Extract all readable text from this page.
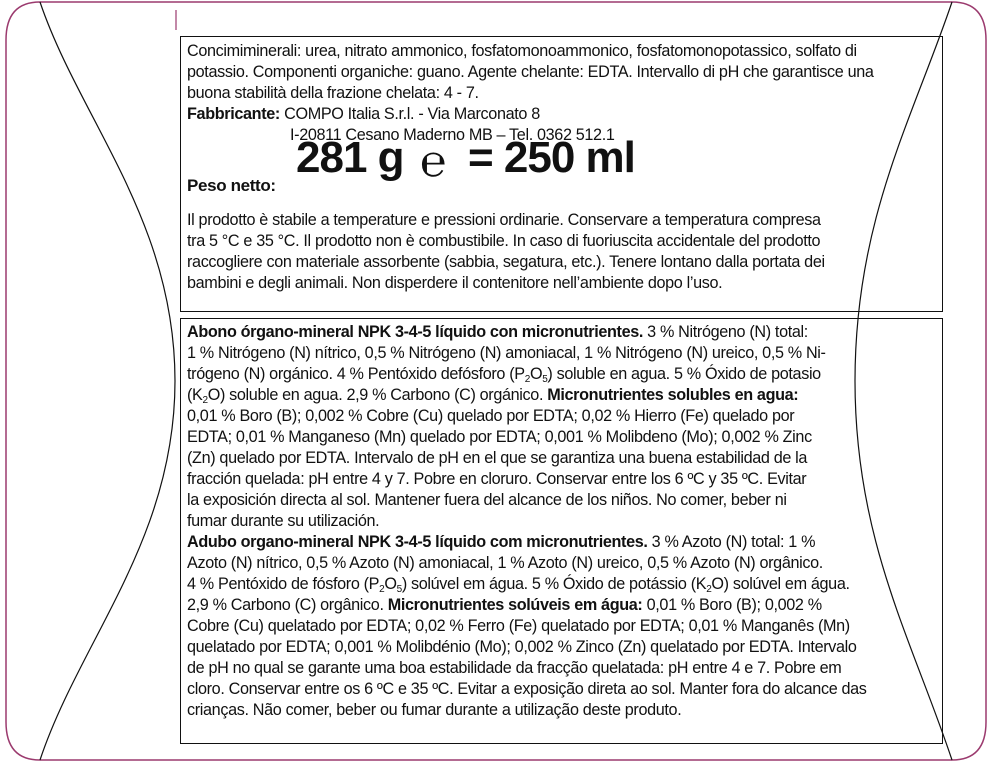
Concimiminerali: urea, nitrato ammonico, fosfatomonoammonico, fosfatomonopotassico, solfato di
potassio. Componenti organiche: guano. Agente chelante: EDTA. Intervallo di pH che garantisce una
buona stabilità della frazione chelata: 4 - 7.
Fabbricante: COMPO Italia S.r.l. - Via Marconato 8
I-20811 Cesano Maderno MB – Tel. 0362 512.1
Peso netto:
281 g ℮ = 250 ml
Il prodotto è stabile a temperature e pressioni ordinarie. Conservare a temperatura compresa
tra 5 °C e 35 °C. Il prodotto non è combustibile. In caso di fuoriuscita accidentale del prodotto
raccogliere con materiale assorbente (sabbia, segatura, etc.). Tenere lontano dalla portata dei
bambini e degli animali. Non disperdere il contenitore nell’ambiente dopo l’uso.
Abono órgano-mineral NPK 3-4-5 líquido con micronutrientes. 3 % Nitrógeno (N) total:
1 % Nitrógeno (N) nítrico, 0,5 % Nitrógeno (N) amoniacal, 1 % Nitrógeno (N) ureico, 0,5 % Ni-
trógeno (N) orgánico. 4 % Pentóxido defósforo $(P_2O_5)$ soluble en agua. 5 % Óxido de potasio
$(K_2O)$ soluble en agua. 2,9 % Carbono (C) orgánico. Micronutrientes solubles en agua:
0,01 % Boro (B); 0,002 % Cobre (Cu) quelado por EDTA; 0,02 % Hierro (Fe) quelado por
EDTA; 0,01 % Manganeso (Mn) quelado por EDTA; 0,001 % Molibdeno (Mo); 0,002 % Zinc
(Zn) quelado por EDTA. Intervalo de pH en el que se garantiza una buena estabilidad de la
fracción quelada: pH entre 4 y 7. Pobre en cloruro. Conservar entre los 6 ºC y 35 ºC. Evitar
la exposición directa al sol. Mantener fuera del alcance de los niños. No comer, beber ni
fumar durante su utilización.
Adubo organo-mineral NPK 3-4-5 líquido com micronutrientes. 3 % Azoto (N) total: 1 %
Azoto (N) nítrico, 0,5 % Azoto (N) amoniacal, 1 % Azoto (N) ureico, 0,5 % Azoto (N) orgânico.
4 % Pentóxido de fósforo $(P_2O_5)$ solúvel em água. 5 % Óxido de potássio $(K_2O)$ solúvel em água.
2,9 % Carbono (C) orgânico. Micronutrientes solúveis em água: 0,01 % Boro (B); 0,002 %
Cobre (Cu) quelatado por EDTA; 0,02 % Ferro (Fe) quelatado por EDTA; 0,01 % Manganês (Mn)
quelatado por EDTA; 0,001 % Molibdénio (Mo); 0,002 % Zinco (Zn) quelatado por EDTA. Intervalo
de pH no qual se garante uma boa estabilidade da fracção quelatada: pH entre 4 e 7. Pobre em
cloro. Conservar entre os 6 ºC e 35 ºC. Evitar a exposição direta ao sol. Manter fora do alcance das
crianças. Não comer, beber ou fumar durante a utilização deste produto.
